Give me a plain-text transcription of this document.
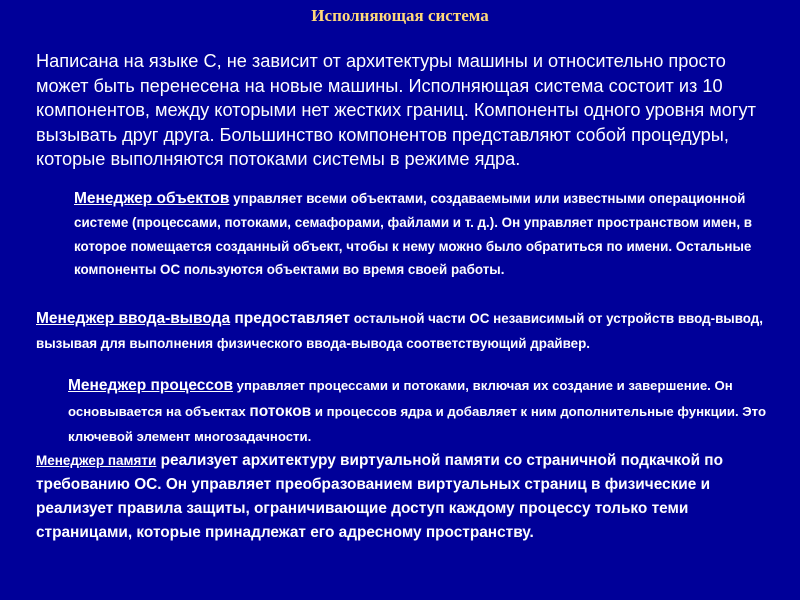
Исполняющая система
Написана на языке С, не зависит от архитектуры машины и относительно просто может быть перенесена на новые машины. Исполняющая система состоит из 10 компонентов, между которыми нет жестких границ. Компоненты одного уровня могут вызывать друг друга. Большинство компонентов представляют собой процедуры, которые выполняются потоками системы в режиме ядра.
Менеджер объектов управляет всеми объектами, создаваемыми или известными операционной системе (процессами, потоками, семафорами, файлами и т. д.). Он управляет пространством имен, в которое помещается созданный объект, чтобы к нему можно было обратиться по имени. Остальные компоненты ОС пользуются объектами во время своей работы.
Менеджер ввода-вывода предоставляет остальной части ОС независимый от устройств ввод-вывод, вызывая для выполнения физического ввода-вывода соответствующий драйвер.
Менеджер процессов управляет процессами и потоками, включая их создание и завершение. Он основывается на объектах потоков и процессов ядра и добавляет к ним дополнительные функции. Это ключевой элемент многозадачности.
Менеджер памяти реализует архитектуру виртуальной памяти со страничной подкачкой по требованию ОС. Он управляет преобразованием виртуальных страниц в физические и реализует правила защиты, ограничивающие доступ каждому процессу только теми страницами, которые принадлежат его адресному пространству.
